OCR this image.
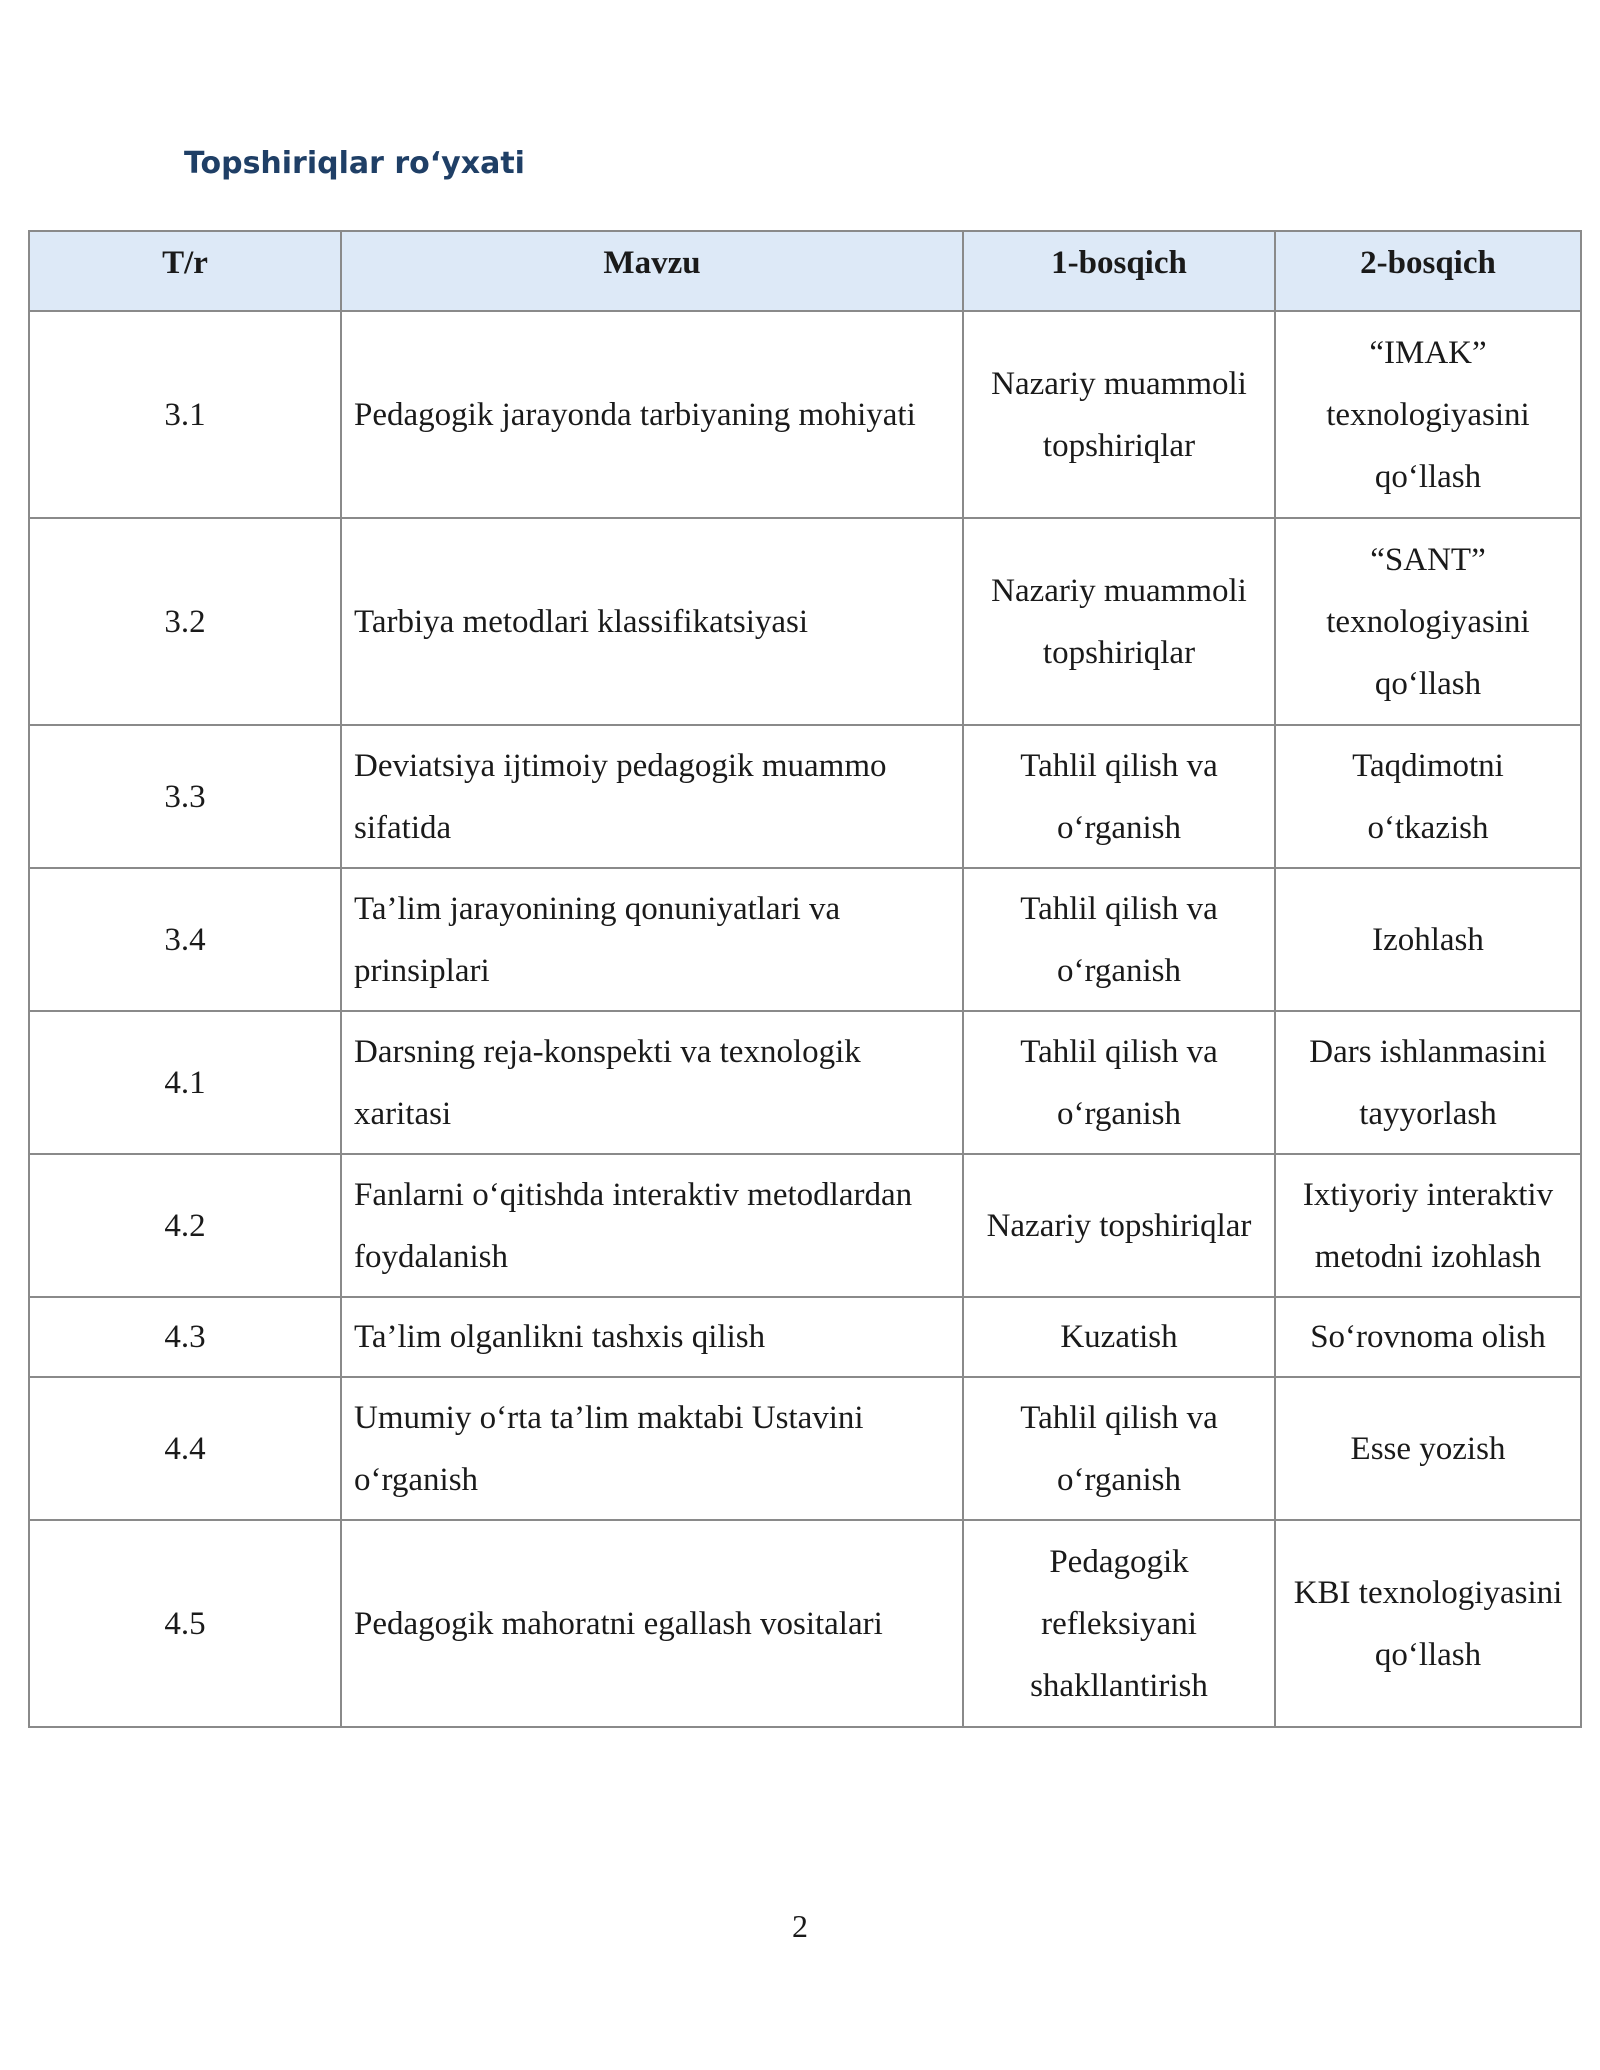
Topshiriqlar ro‘yxati
T/r	Mavzu	1-bosqich	2-bosqich
3.1	Pedagogik jarayonda tarbiyaning mohiyati	Nazariy muammoli topshiriqlar	“IMAK” texnologiyasini qo‘llash
3.2	Tarbiya metodlari klassifikatsiyasi	Nazariy muammoli topshiriqlar	“SANT” texnologiyasini qo‘llash
3.3	Deviatsiya ijtimoiy pedagogik muammo sifatida	Tahlil qilish va o‘rganish	Taqdimotni o‘tkazish
3.4	Ta’lim jarayonining qonuniyatlari va prinsiplari	Tahlil qilish va o‘rganish	Izohlash
4.1	Darsning reja-konspekti va texnologik xaritasi	Tahlil qilish va o‘rganish	Dars ishlanmasini tayyorlash
4.2	Fanlarni o‘qitishda interaktiv metodlardan foydalanish	Nazariy topshiriqlar	Ixtiyoriy interaktiv metodni izohlash
4.3	Ta’lim olganlikni tashxis qilish	Kuzatish	So‘rovnoma olish
4.4	Umumiy o‘rta ta’lim maktabi Ustavini o‘rganish	Tahlil qilish va o‘rganish	Esse yozish
4.5	Pedagogik mahoratni egallash vositalari	Pedagogik refleksiyani shakllantirish	KBI texnologiyasini qo‘llash
2
